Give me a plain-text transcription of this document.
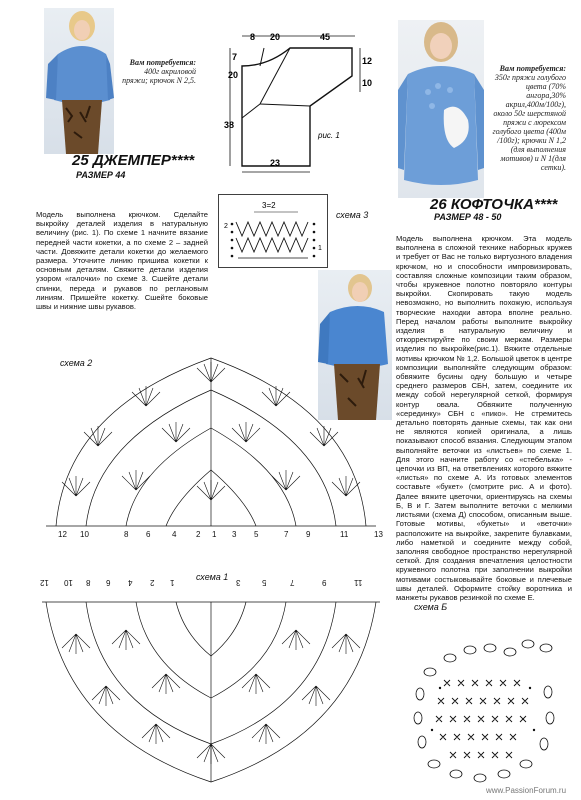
Вам потребуется:
400г акриловой пряжи; крючок N 2,5.
25 ДЖЕМПЕР****
РАЗМЕР 44
8 20	45
7
20
38
12
10
23
рис. 1
Вам потребуется:
350г пряжи голубого цвета (70% ангора,30% акрил,400м/100г), около 50г шерстяной пряжи с люрексом голубого цвета (400м /100г); крючки N 1,2 (для выполнения мотивов) и N 1(для сетки).
26 КОФТОЧКА****
РАЗМЕР 48 - 50
Модель выполнена крючком. Сделайте выкройку деталей изделия в натуральную величину (рис. 1). По схеме 1 начните вязание передней части кокетки, а по схеме 2 – задней части. Довяжите детали кокетки до желаемого размера. Уточните линию пришива кокетки к основным деталям. Свяжите детали изделия узором «галочки» по схеме 3. Сшейте детали спинки, переда и рукавов по реглановым линиям. Пришейте кокетку. Сшейте боковые швы и нижние швы рукавов.
схема 3
3=2
2
1
Модель выполнена крючком. Эта модель выполнена в сложной технике наборных кружев и требует от Вас не только виртуозного владения крючком, но и способности импровизировать, составляя сложные композиции таким образом, чтобы кружевное полотно повторяло контуры выкройки. Скопировать такую модель невозможно, но выполнить похожую, используя творческие находки автора вполне реально. Перед началом работы выполните выкройку изделия в натуральную величину и откорректируйте по своим меркам. Размеры изделия по выкройке(рис.1). Вяжите отдельные мотивы крючком № 1,2. Большой цветок в центре композиции выполняйте следующим образом: обвяжите бусины одну большую и четыре среднего размеров СБН, затем, соедините их между собой нерегулярной сеткой, формируя контур овала. Обвяжите полученную «серединку» СБН с «пико». Не стремитесь детально повторять данные схемы, так как они не являются копией оригинала, а лишь показывают способ вязания. Следующим этапом выполняйте веточки из «листьев» по схеме 1. Для этого начните работу со «стебелька» - цепочки из ВП, на ответвлениях которого вяжите «листья» по схеме А. Из готовых элементов составьте «букет» (смотрите рис. А и фото). Далее вяжите цветочки, ориентируясь на схемы Б, В и Г. Затем выполните веточки с мелкими листьями (схема Д) способом, описанным выше. Готовые мотивы, «букеты» и «веточки» расположите на выкройке, закрепите булавками, либо наметкой и соедините между собой, заполняя свободное пространство нерегулярной сеткой. Для создания впечатления целостности кружевного полотна при заполнении выкройки мотивами состыковывайте боковые и плечевые швы деталей. Оформите стойку воротника и манжеты рукавов резинкой по схеме Е.
схема 2
12 10	8 6	4 2 1 3 5	7 9	11	13
схема 1
12 10 8 6 4 2 1	3	5	7	9	11
схема Б
www.PassionForum.ru
